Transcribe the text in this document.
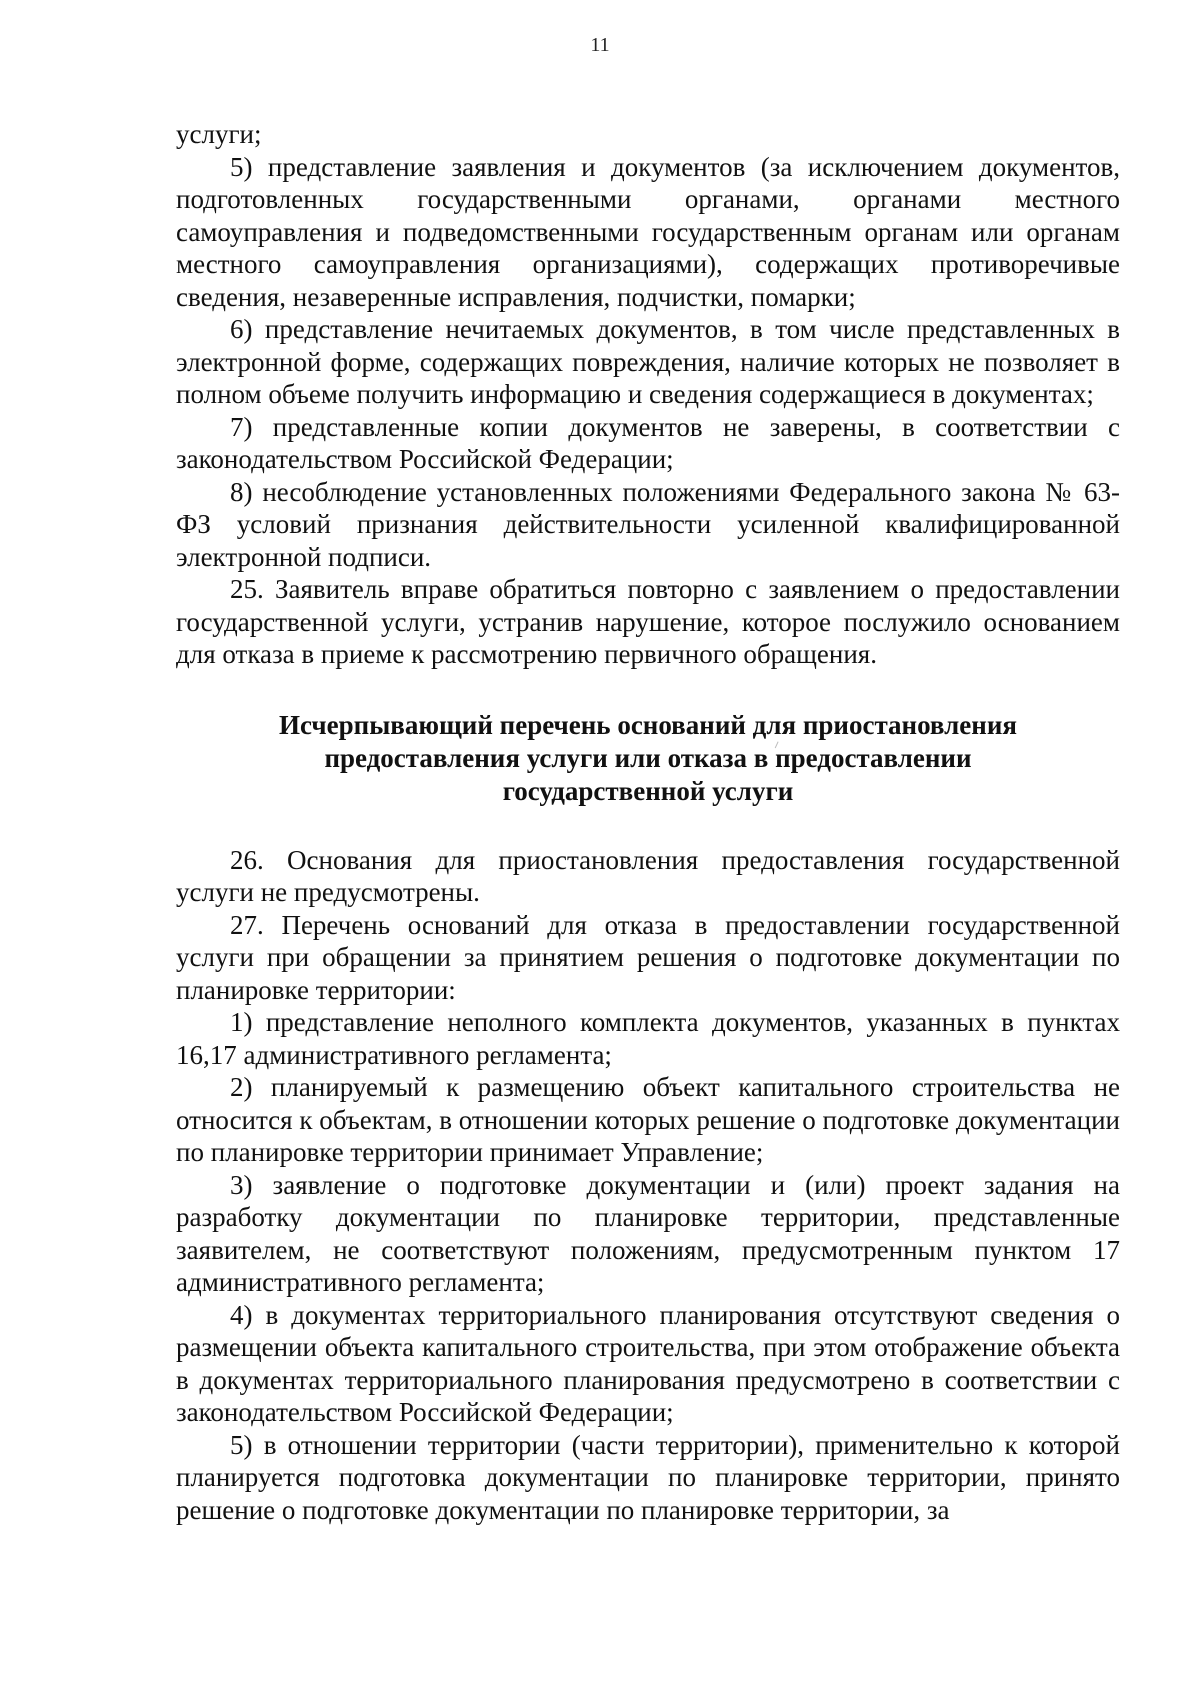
11

услуги;

5) представление заявления и документов (за исключением документов, подготовленных государственными органами, органами местного самоуправления и подведомственными государственным органам или органам местного самоуправления организациями), содержащих противоречивые сведения, незаверенные исправления, подчистки, помарки;

6) представление нечитаемых документов, в том числе представленных в электронной форме, содержащих повреждения, наличие которых не позволяет в полном объеме получить информацию и сведения содержащиеся в документах;

7) представленные копии документов не заверены, в соответствии с законодательством Российской Федерации;

8) несоблюдение установленных положениями Федерального закона № 63-ФЗ условий признания действительности усиленной квалифицированной электронной подписи.

25. Заявитель вправе обратиться повторно с заявлением о предоставлении государственной услуги, устранив нарушение, которое послужило основанием для отказа в приеме к рассмотрению первичного обращения.

Исчерпывающий перечень оснований для приостановления
предоставления услуги или отказа в предоставлении
государственной услуги

26. Основания для приостановления предоставления государственной услуги не предусмотрены.

27. Перечень оснований для отказа в предоставлении государственной услуги при обращении за принятием решения о подготовке документации по планировке территории:

1) представление неполного комплекта документов, указанных в пунктах 16,17 административного регламента;

2) планируемый к размещению объект капитального строительства не относится к объектам, в отношении которых решение о подготовке документации по планировке территории принимает Управление;

3) заявление о подготовке документации и (или) проект задания на разработку документации по планировке территории, представленные заявителем, не соответствуют положениям, предусмотренным пунктом 17 административного регламента;

4) в документах территориального планирования отсутствуют сведения о размещении объекта капитального строительства, при этом отображение объекта в документах территориального планирования предусмотрено в соответствии с законодательством Российской Федерации;

5) в отношении территории (части территории), применительно к которой планируется подготовка документации по планировке территории, принято решение о подготовке документации по планировке территории, за
